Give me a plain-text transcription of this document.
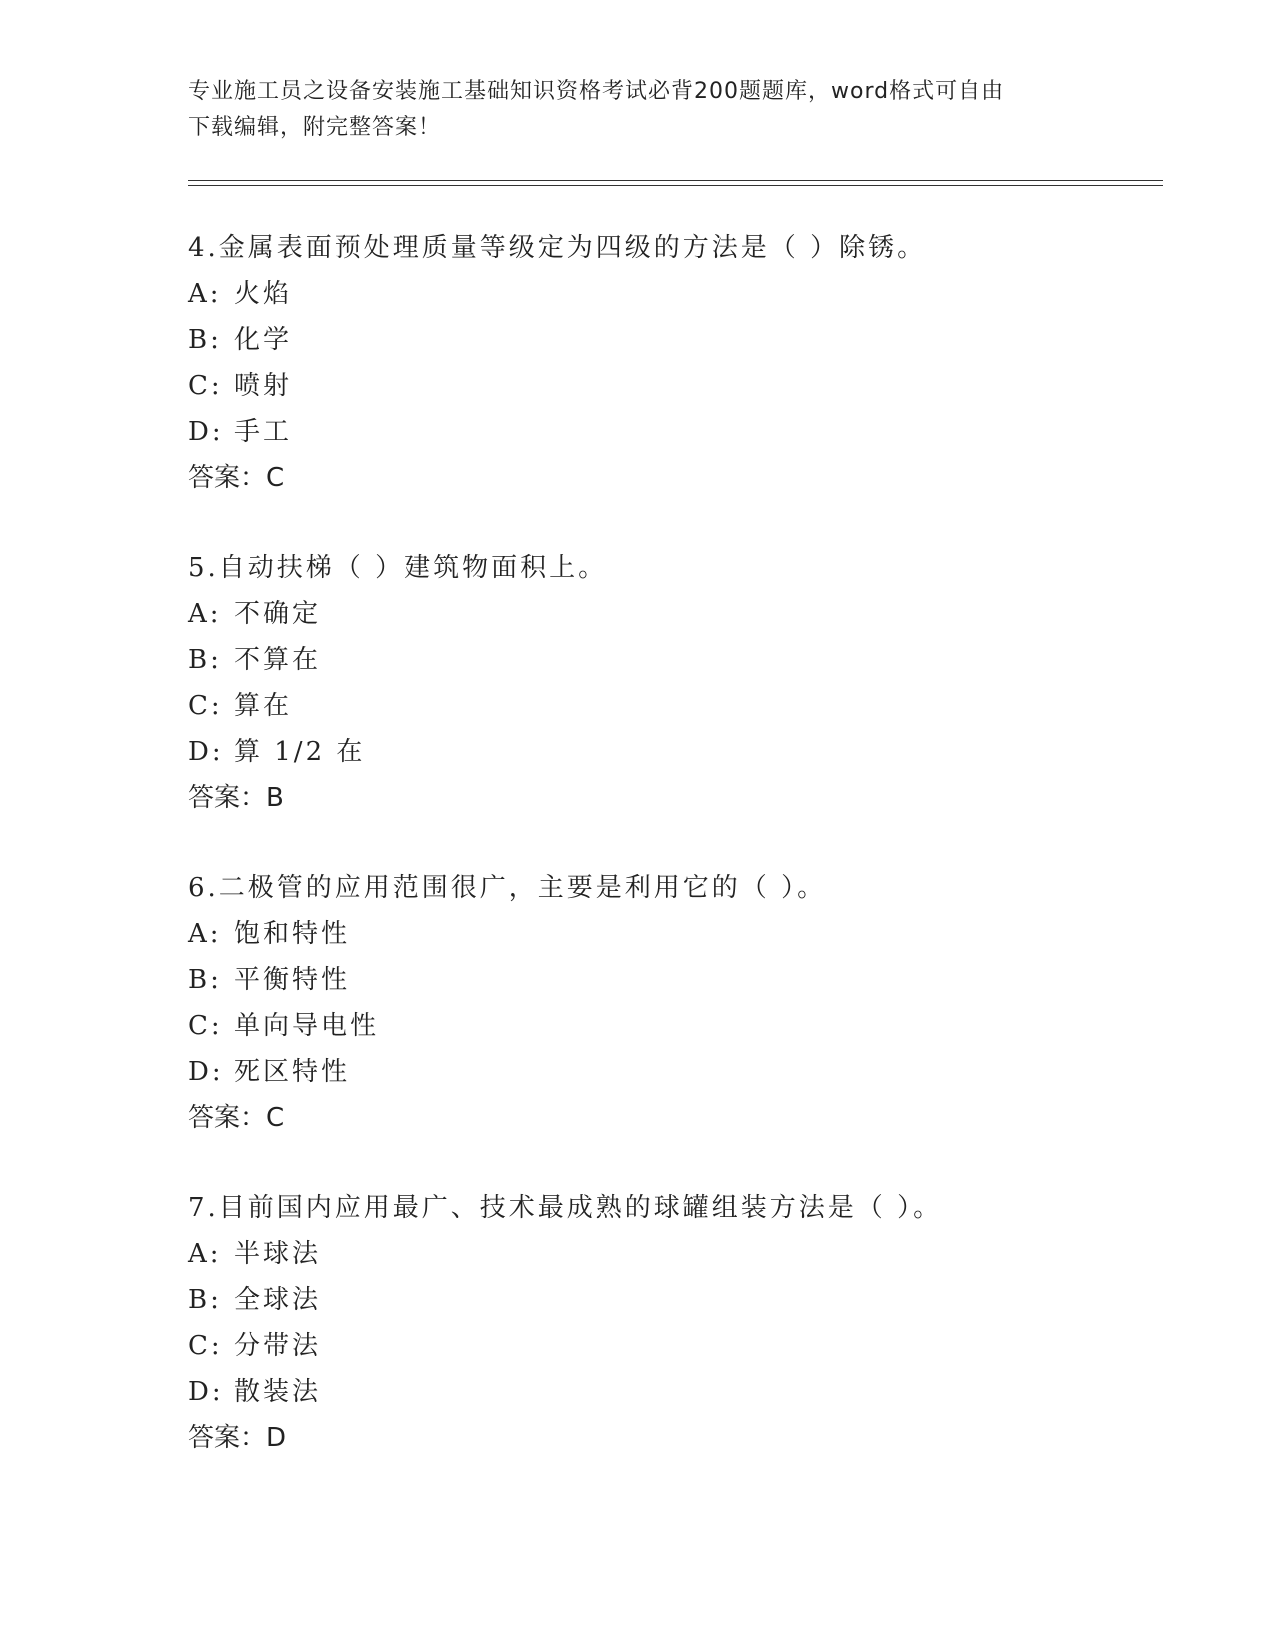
专业施工员之设备安装施工基础知识资格考试必背200题题库，word格式可自由
下载编辑，附完整答案！
4.金属表面预处理质量等级定为四级的方法是（ ）除锈。
A: 火焰
B: 化学
C: 喷射
D: 手工
答案：C
5.自动扶梯（ ）建筑物面积上。
A: 不确定
B: 不算在
C: 算在
D: 算 1/2 在
答案：B
6.二极管的应用范围很广，主要是利用它的（ ）。
A: 饱和特性
B: 平衡特性
C: 单向导电性
D: 死区特性
答案：C
7.目前国内应用最广、技术最成熟的球罐组装方法是（ ）。
A: 半球法
B: 全球法
C: 分带法
D: 散装法
答案：D
